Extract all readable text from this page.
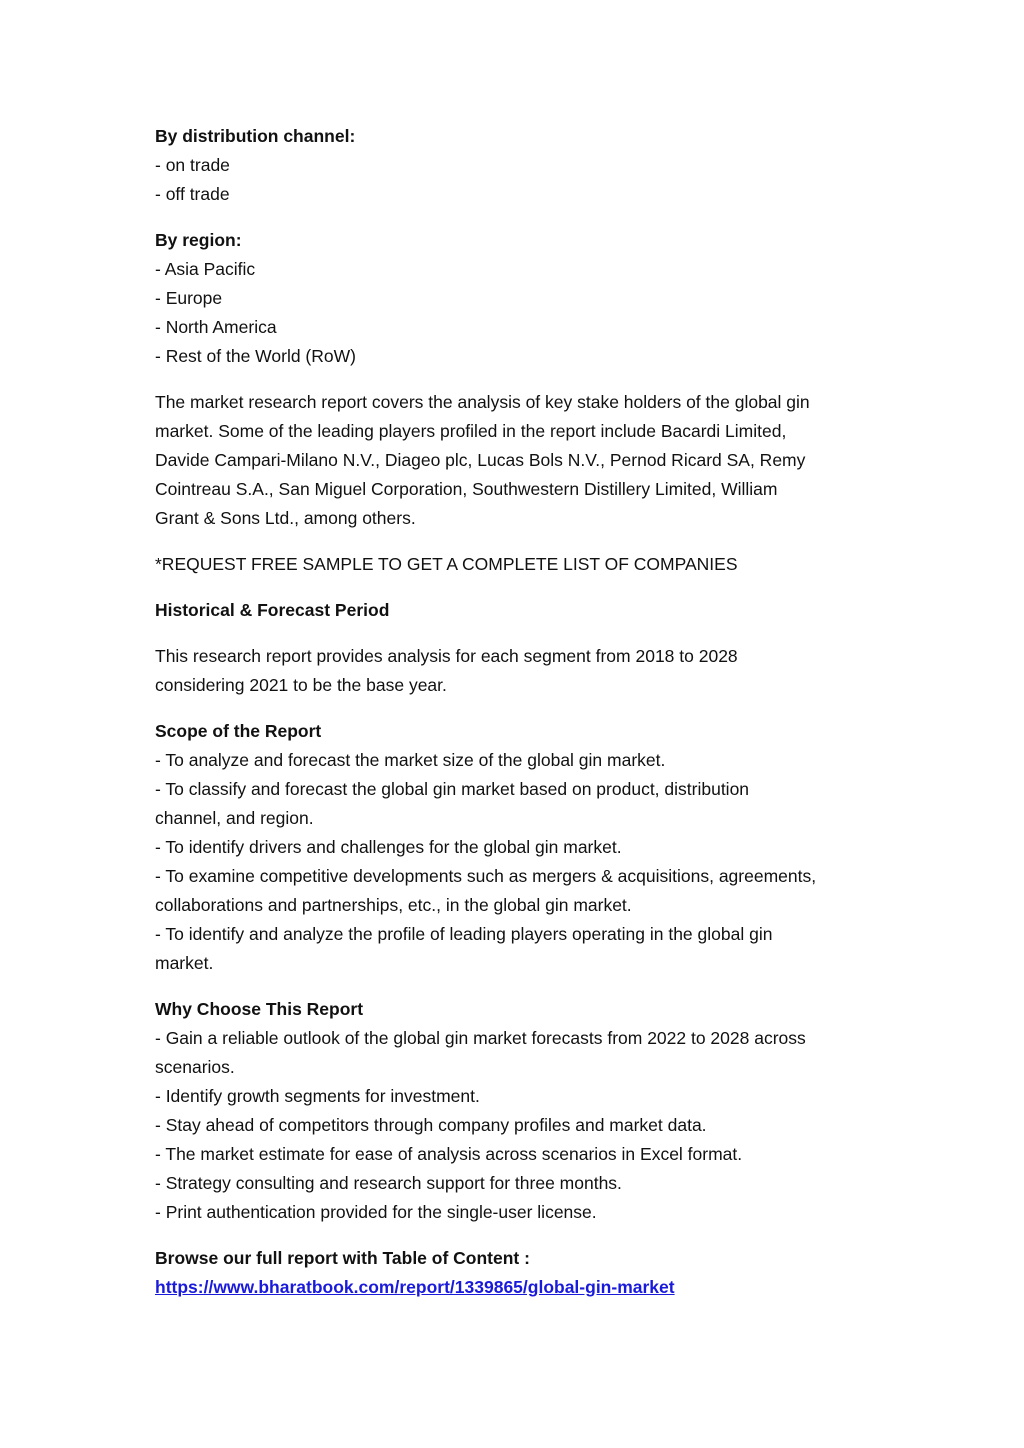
By distribution channel:
- on trade
- off trade
By region:
- Asia Pacific
- Europe
- North America
- Rest of the World (RoW)
The market research report covers the analysis of key stake holders of the global gin
market. Some of the leading players profiled in the report include Bacardi Limited,
Davide Campari-Milano N.V., Diageo plc, Lucas Bols N.V., Pernod Ricard SA, Remy
Cointreau S.A., San Miguel Corporation, Southwestern Distillery Limited, William
Grant & Sons Ltd., among others.
*REQUEST FREE SAMPLE TO GET A COMPLETE LIST OF COMPANIES
Historical & Forecast Period
This research report provides analysis for each segment from 2018 to 2028
considering 2021 to be the base year.
Scope of the Report
- To analyze and forecast the market size of the global gin market.
- To classify and forecast the global gin market based on product, distribution
channel, and region.
- To identify drivers and challenges for the global gin market.
- To examine competitive developments such as mergers & acquisitions, agreements,
collaborations and partnerships, etc., in the global gin market.
- To identify and analyze the profile of leading players operating in the global gin
market.
Why Choose This Report
- Gain a reliable outlook of the global gin market forecasts from 2022 to 2028 across
scenarios.
- Identify growth segments for investment.
- Stay ahead of competitors through company profiles and market data.
- The market estimate for ease of analysis across scenarios in Excel format.
- Strategy consulting and research support for three months.
- Print authentication provided for the single-user license.
Browse our full report with Table of Content :
https://www.bharatbook.com/report/1339865/global-gin-market
